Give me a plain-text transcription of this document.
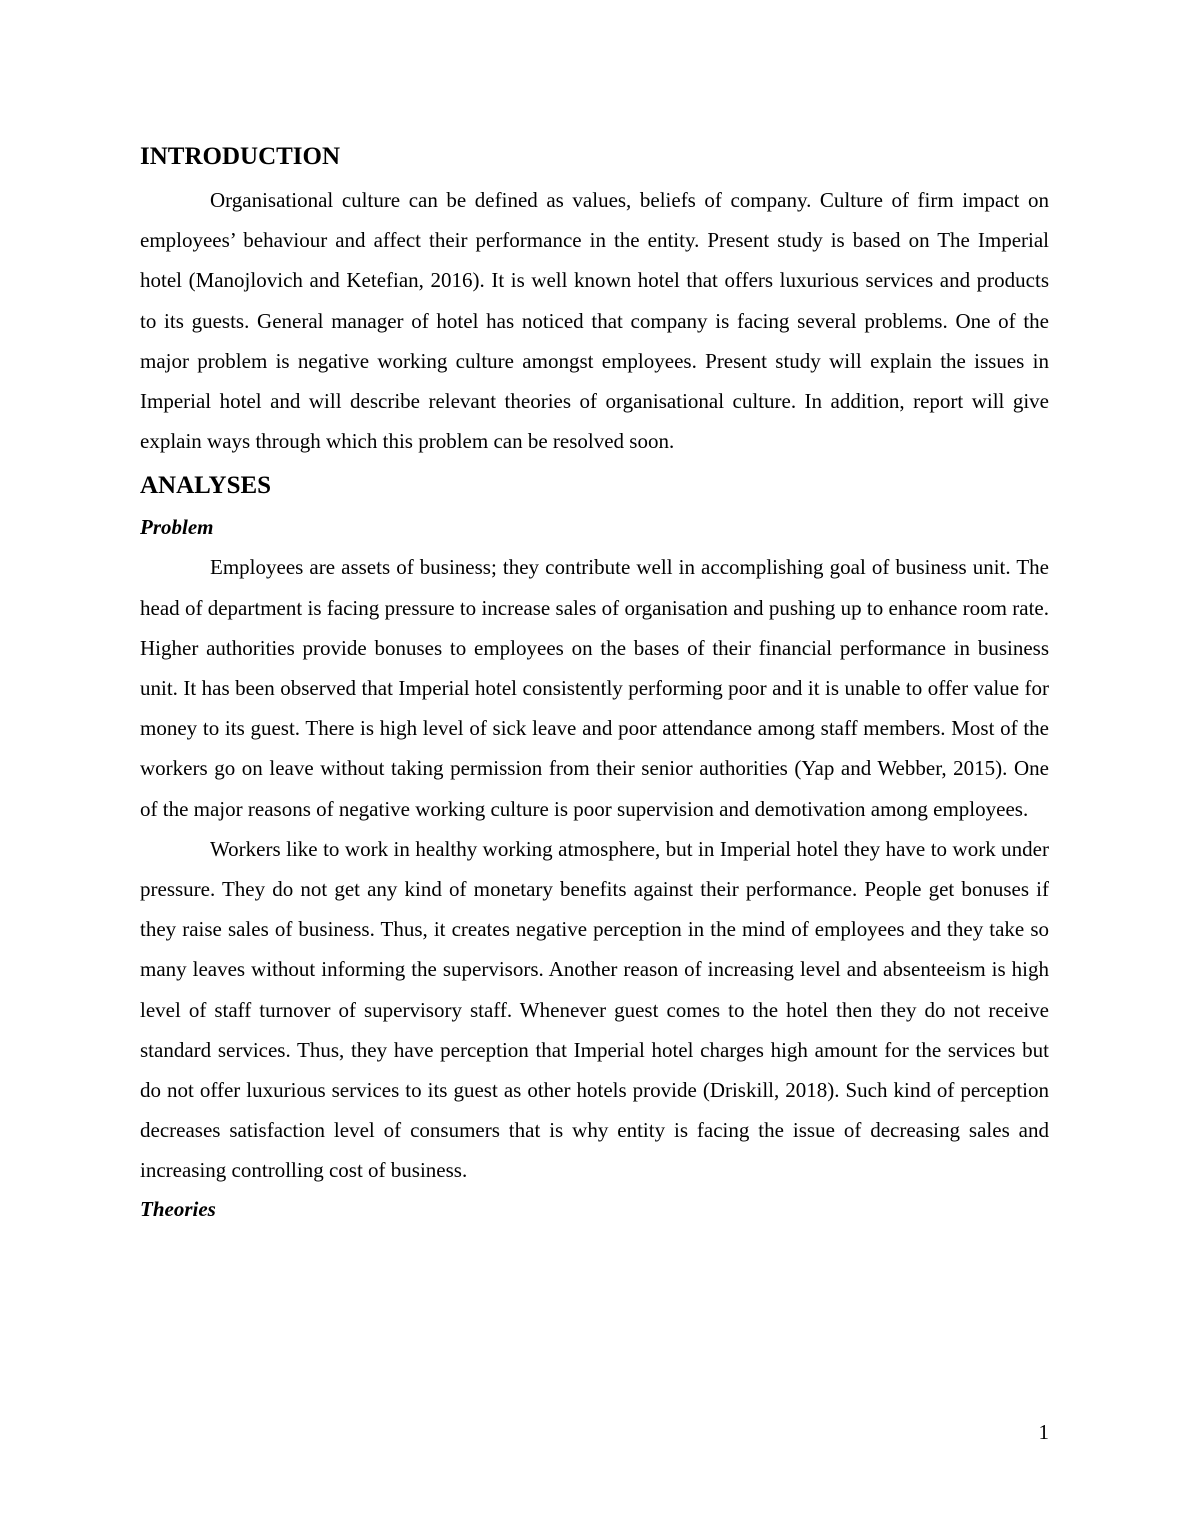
INTRODUCTION

Organisational culture can be defined as values, beliefs of company. Culture of firm impact on employees’ behaviour and affect their performance in the entity. Present study is based on The Imperial hotel (Manojlovich and Ketefian, 2016). It is well known hotel that offers luxurious services and products to its guests. General manager of hotel has noticed that company is facing several problems. One of the major problem is negative working culture amongst employees. Present study will explain the issues in Imperial hotel and will describe relevant theories of organisational culture. In addition, report will give explain ways through which this problem can be resolved soon.

ANALYSES
Problem

Employees are assets of business; they contribute well in accomplishing goal of business unit. The head of department is facing pressure to increase sales of organisation and pushing up to enhance room rate. Higher authorities provide bonuses to employees on the bases of their financial performance in business unit. It has been observed that Imperial hotel consistently performing poor and it is unable to offer value for money to its guest. There is high level of sick leave and poor attendance among staff members. Most of the workers go on leave without taking permission from their senior authorities (Yap and Webber, 2015). One of the major reasons of negative working culture is poor supervision and demotivation among employees.

Workers like to work in healthy working atmosphere, but in Imperial hotel they have to work under pressure. They do not get any kind of monetary benefits against their performance. People get bonuses if they raise sales of business. Thus, it creates negative perception in the mind of employees and they take so many leaves without informing the supervisors. Another reason of increasing level and absenteeism is high level of staff turnover of supervisory staff. Whenever guest comes to the hotel then they do not receive standard services. Thus, they have perception that Imperial hotel charges high amount for the services but do not offer luxurious services to its guest as other hotels provide (Driskill, 2018). Such kind of perception decreases satisfaction level of consumers that is why entity is facing the issue of decreasing sales and increasing controlling cost of business.

Theories
1
